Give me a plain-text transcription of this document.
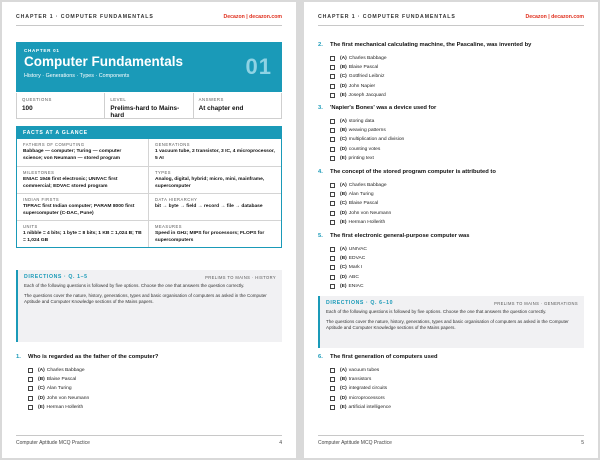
CHAPTER 1 · COMPUTER FUNDAMENTALS	Decazon | decazon.com
CHAPTER 01
Computer Fundamentals
History · Generations · Types · Components	01
QUESTIONS
100
LEVEL
Prelims-hard to Mains-hard
ANSWERS
At chapter end
FACTS AT A GLANCE
FATHERS OF COMPUTING
Babbage — computer; Turing — computer science; von Neumann — stored program
GENERATIONS
1 vacuum tube, 2 transistor, 3 IC, 4 microprocessor, 5 AI
MILESTONES
ENIAC 1946 first electronic; UNIVAC first commercial; EDVAC stored program
TYPES
Analog, digital, hybrid; micro, mini, mainframe, supercomputer
INDIAN FIRSTS
TIFRAC first Indian computer; PARAM 8000 first supercomputer (C-DAC, Pune)
DATA HIERARCHY
bit → byte → field → record → file → database
UNITS
1 nibble = 4 bits; 1 byte = 8 bits; 1 KB = 1,024 B; TB = 1,024 GB
MEASURES
Speed in GHz; MIPS for processors; FLOPS for supercomputers
DIRECTIONS · Q. 1–5	PRELIMS TO MAINS · HISTORY

Each of the following questions is followed by five options. Choose the one that answers the question correctly.

The questions cover the nature, history, generations, types and basic organisation of computers as asked in the Computer Aptitude and Computer Knowledge sections of the Mains papers.

1.	Who is regarded as the father of the computer?
(A) Charles Babbage
(B) Blaise Pascal
(C) Alan Turing
(D) John von Neumann
(E) Herman Hollerith
Computer Aptitude MCQ Practice	4
CHAPTER 1 · COMPUTER FUNDAMENTALS	Decazon | decazon.com
2.	The first mechanical calculating machine, the Pascaline, was invented by
(A) Charles Babbage
(B) Blaise Pascal
(C) Gottfried Leibniz
(D) John Napier
(E) Joseph Jacquard
3.	'Napier's Bones' was a device used for
(A) storing data
(B) weaving patterns
(C) multiplication and division
(D) counting votes
(E) printing text
4.	The concept of the stored program computer is attributed to
(A) Charles Babbage
(B) Alan Turing
(C) Blaise Pascal
(D) John von Neumann
(E) Herman Hollerith
5.	The first electronic general-purpose computer was
(A) UNIVAC
(B) EDVAC
(C) Mark I
(D) ABC
(E) ENIAC
DIRECTIONS · Q. 6–10	PRELIMS TO MAINS · GENERATIONS

Each of the following questions is followed by five options. Choose the one that answers the question correctly.

The questions cover the nature, history, generations, types and basic organisation of computers as asked in the Computer Aptitude and Computer Knowledge sections of the Mains papers.

6.	The first generation of computers used
(A) vacuum tubes
(B) transistors
(C) integrated circuits
(D) microprocessors
(E) artificial intelligence
Computer Aptitude MCQ Practice	5
